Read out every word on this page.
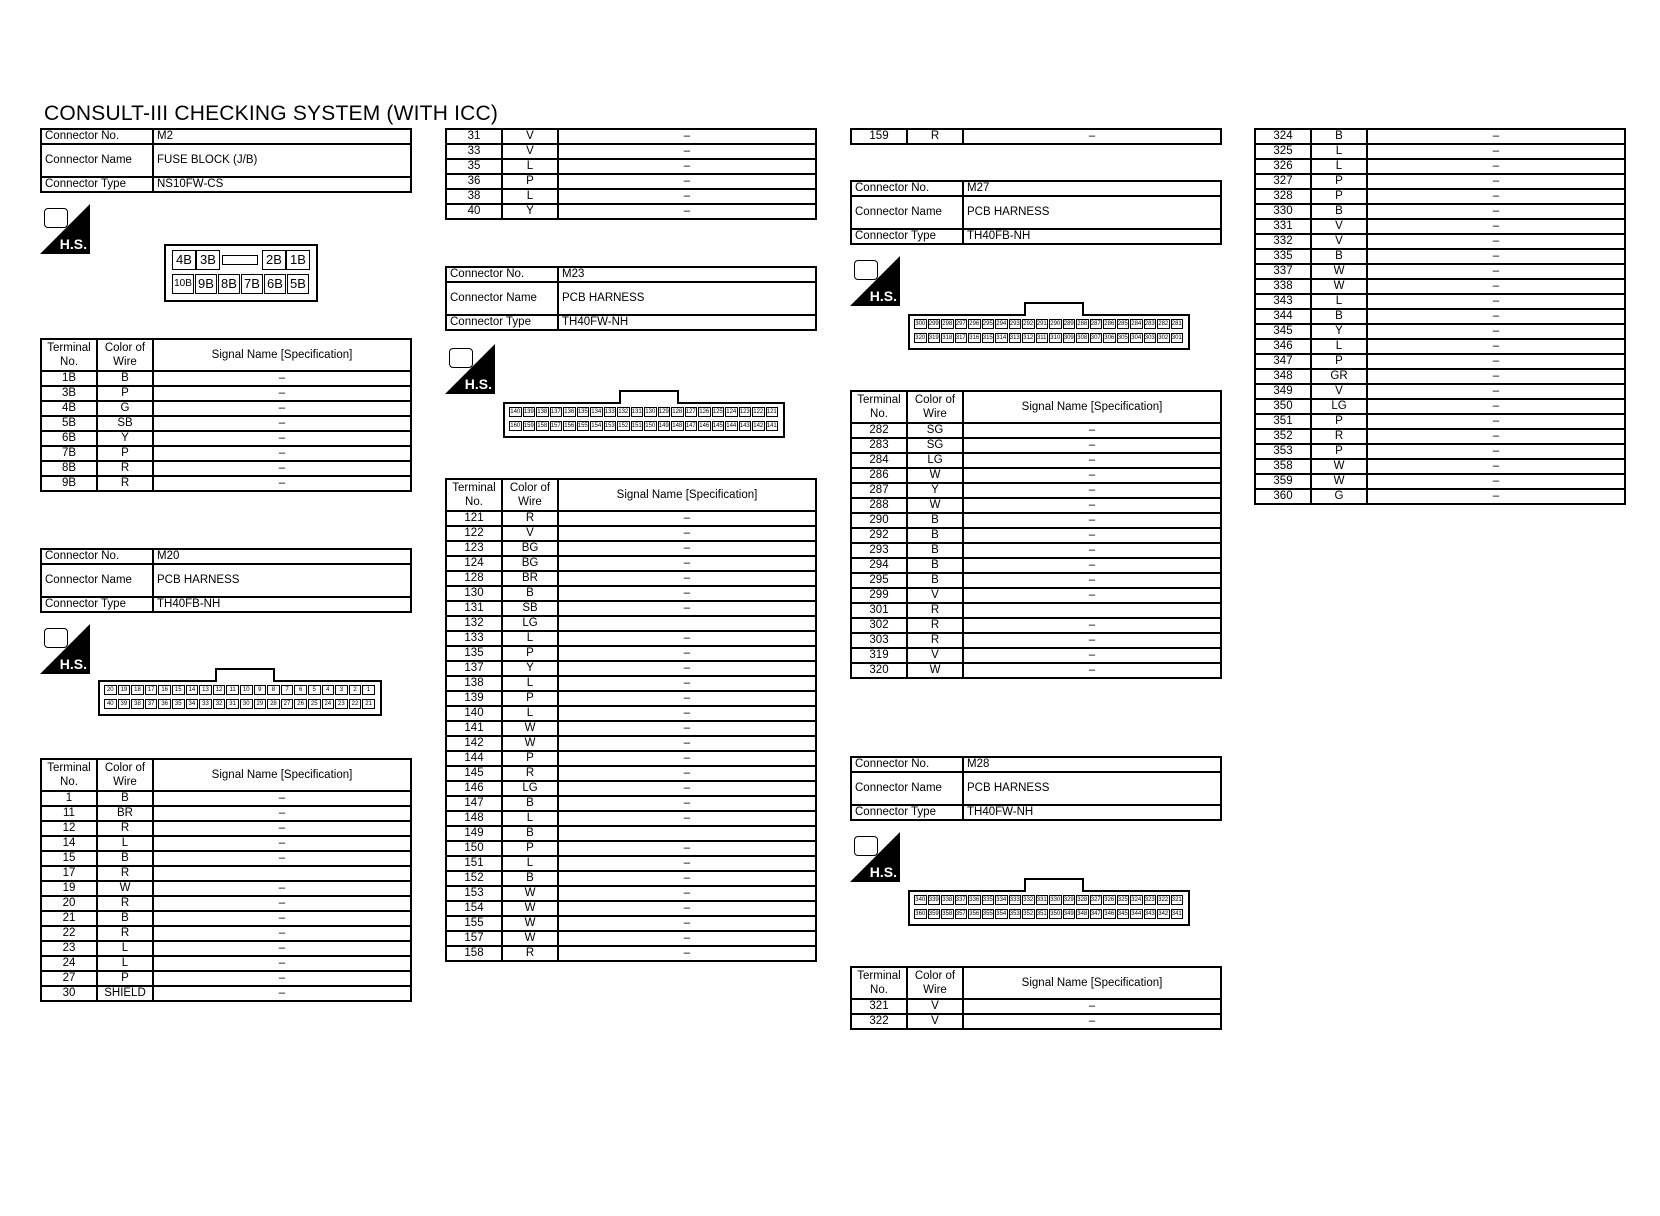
CONSULT-III CHECKING SYSTEM (WITH ICC)
Connector No.	M2
Connector Name	FUSE BLOCK (J/B)
Connector Type	NS10FW-CS
H.S.
4B 3B	2B 1B
10B 9B 8B 7B 6B 5B
Terminal No.	Color of Wire	Signal Name [Specification]
1B	B	–
3B	P	–
4B	G	–
5B	SB	–
6B	Y	–
7B	P	–
8B	R	–
9B	R	–
Connector No.	M20
Connector Name	PCB HARNESS
Connector Type	TH40FB-NH
H.S.
20	19	18	17	16	15	14	13	12	11	10	9	8	7	6	5	4	3	2	1
40	39	38	37	36	35	34	33	32	31	30	29	28	27	26	25	24	23	22	21
Terminal No.	Color of Wire	Signal Name [Specification]
1	B	–
11	BR	–
12	R	–
14	L	–
15	B	–
17	R	
19	W	–
20	R	–
21	B	–
22	R	–
23	L	–
24	L	–
27	P	–
30	SHIELD	–
31	V	–
33	V	–
35	L	–
36	P	–
38	L	–
40	Y	–
Connector No.	M23
Connector Name	PCB HARNESS
Connector Type	TH40FW-NH
H.S.
140 139 138 137 136 135 134 133 132 131 130 129 128 127 126 125 124 123 122 121
160 159 158 157 156 155 154 153 152 151 150 149 148 147 146 145 144 143 142 141
Terminal No.	Color of Wire	Signal Name [Specification]
121	R	–
122	V	–
123	BG	–
124	BG	–
128	BR	–
130	B	–
131	SB	–
132	LG	
133	L	–
135	P	–
137	Y	–
138	L	–
139	P	–
140	L	–
141	W	–
142	W	–
144	P	–
145	R	–
146	LG	–
147	B	–
148	L	–
149	B	
150	P	–
151	L	–
152	B	–
153	W	–
154	W	–
155	W	–
157	W	–
158	R	–
159	R	–
Connector No.	M27
Connector Name	PCB HARNESS
Connector Type	TH40FB-NH
H.S.
300 299 298 297 296 295 294 293 292 291 290 289 288 287 286 285 284 283 282 281
320 319 318 317 316 315 314 313 312 311 310 309 308 307 306 305 304 303 302 301
Terminal No.	Color of Wire	Signal Name [Specification]
282	SG	–
283	SG	–
284	LG	–
286	W	–
287	Y	–
288	W	–
290	B	–
292	B	–
293	B	–
294	B	–
295	B	–
299	V	–
301	R	
302	R	–
303	R	–
319	V	–
320	W	–
Connector No.	M28
Connector Name	PCB HARNESS
Connector Type	TH40FW-NH
H.S.
340 339 338 337 336 335 334 333 332 331 330 329 328 327 326 325 324 323 322 321
360 359 358 357 356 355 354 353 352 351 350 349 348 347 346 345 344 343 342 341
Terminal No.	Color of Wire	Signal Name [Specification]
321	V	–
322	V	–
324	B	–
325	L	–
326	L	–
327	P	–
328	P	–
330	B	–
331	V	–
332	V	–
335	B	–
337	W	–
338	W	–
343	L	–
344	B	–
345	Y	–
346	L	–
347	P	–
348	GR	–
349	V	–
350	LG	–
351	P	–
352	R	–
353	P	–
358	W	–
359	W	–
360	G	–
